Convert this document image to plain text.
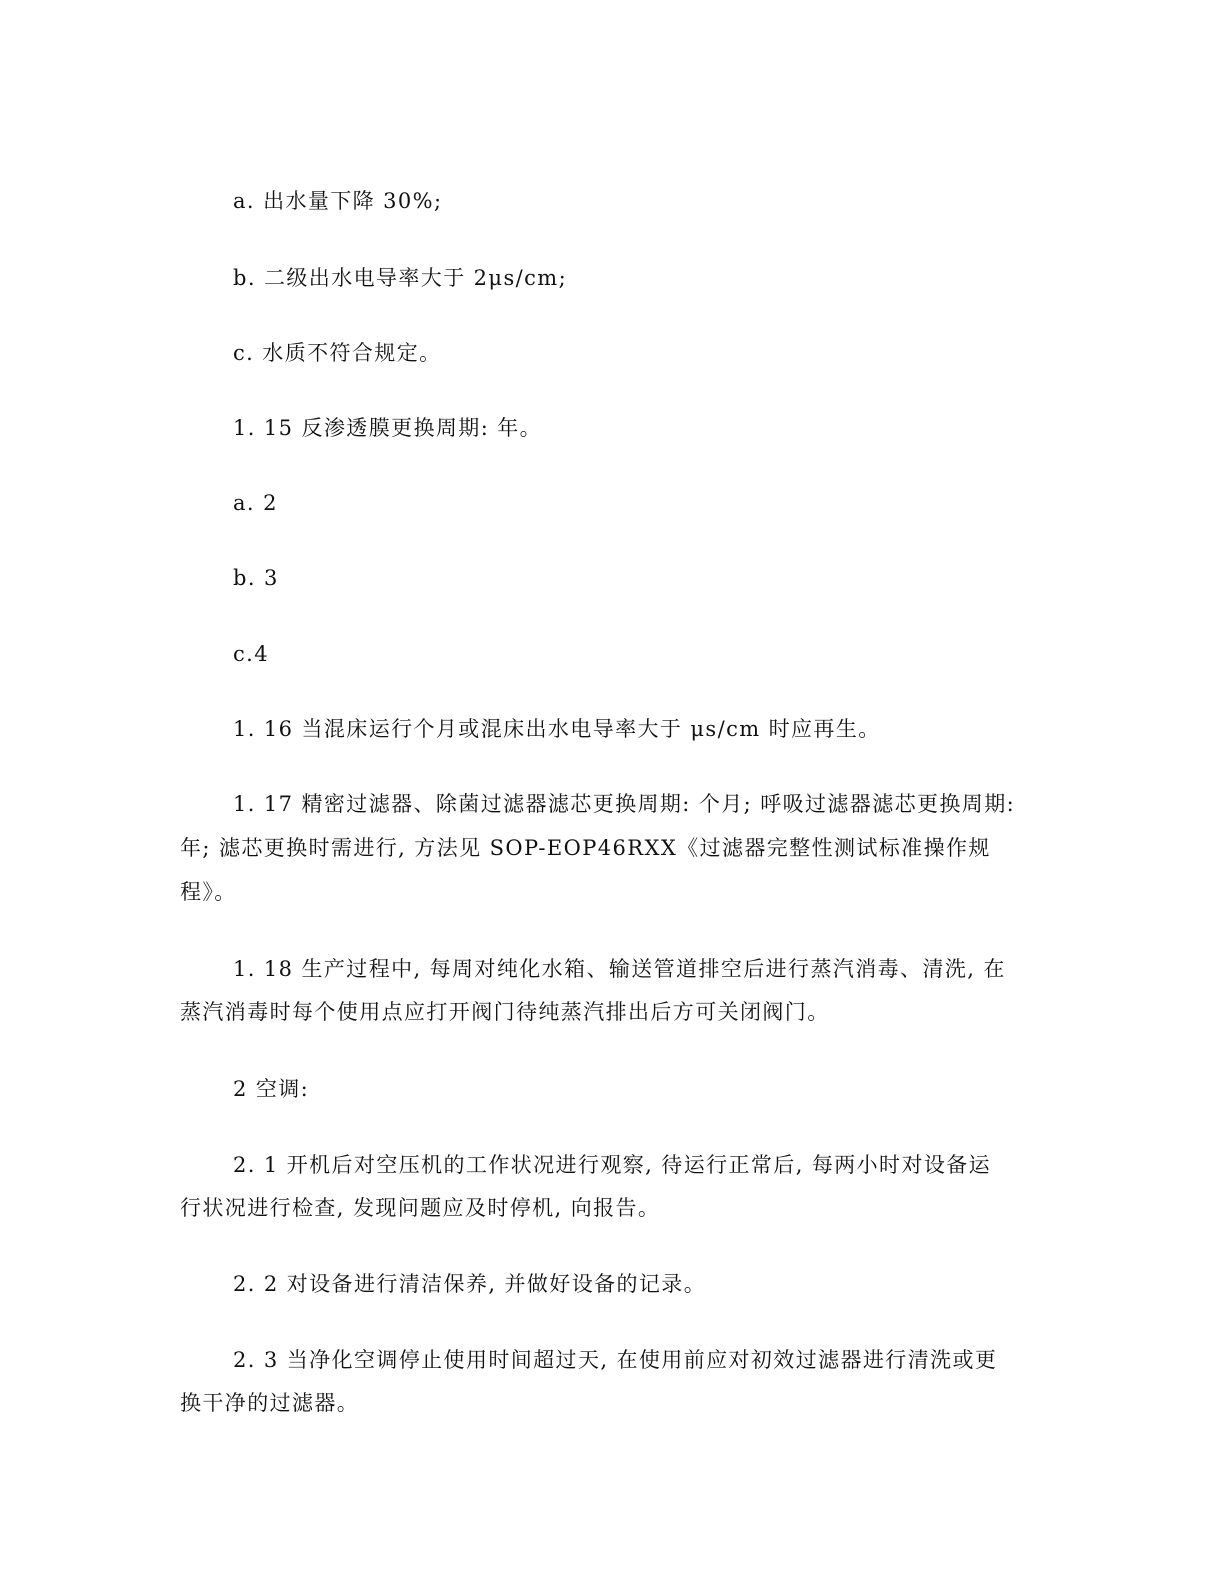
a. 出水量下降 30%;
b. 二级出水电导率大于 2μs/cm;
c. 水质不符合规定。
1. 15 反渗透膜更换周期: 年。
a. 2
b. 3
c.4
1. 16 当混床运行个月或混床出水电导率大于 μs/cm 时应再生。
1. 17 精密过滤器、除菌过滤器滤芯更换周期: 个月; 呼吸过滤器滤芯更换周期:
年; 滤芯更换时需进行, 方法见 SOP-EOP46RXX《过滤器完整性测试标准操作规
程》。
1. 18 生产过程中, 每周对纯化水箱、输送管道排空后进行蒸汽消毒、清洗, 在
蒸汽消毒时每个使用点应打开阀门待纯蒸汽排出后方可关闭阀门。
2 空调:
2. 1 开机后对空压机的工作状况进行观察, 待运行正常后, 每两小时对设备运
行状况进行检查, 发现问题应及时停机, 向报告。
2. 2 对设备进行清洁保养, 并做好设备的记录。
2. 3 当净化空调停止使用时间超过天, 在使用前应对初效过滤器进行清洗或更
换干净的过滤器。
